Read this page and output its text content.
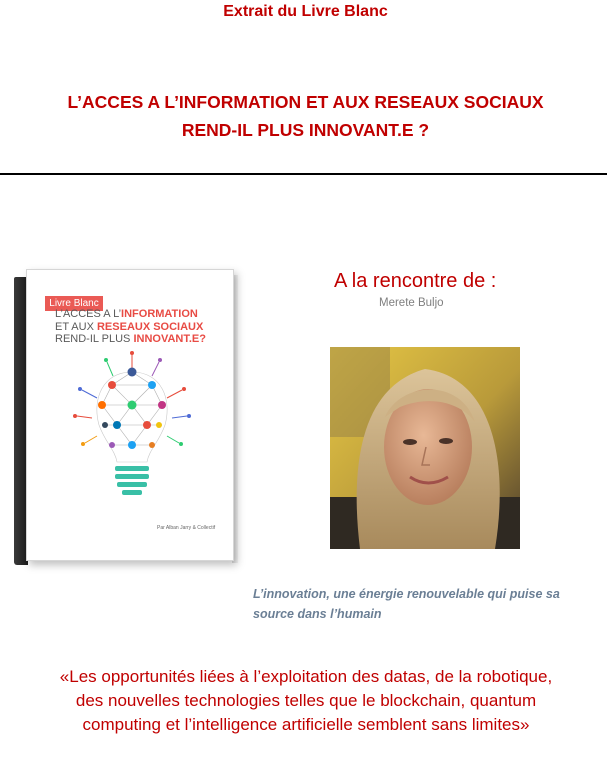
Extrait du Livre Blanc
L’ACCES A L’INFORMATION ET AUX RESEAUX SOCIAUX
REND-IL PLUS INNOVANT.E ?
Livre Blanc
L’ACCES A L’INFORMATION
ET AUX RESEAUX SOCIAUX
REND-IL PLUS INNOVANT.E?
Par Alban Jarry & Collectif
A la rencontre de :
Merete Buljo
L’innovation, une énergie renouvelable qui puise sa
source dans l’humain
«Les opportunités liées à l’exploitation des datas, de la robotique,
des nouvelles technologies telles que le blockchain, quantum
computing et l’intelligence artificielle semblent sans limites»
